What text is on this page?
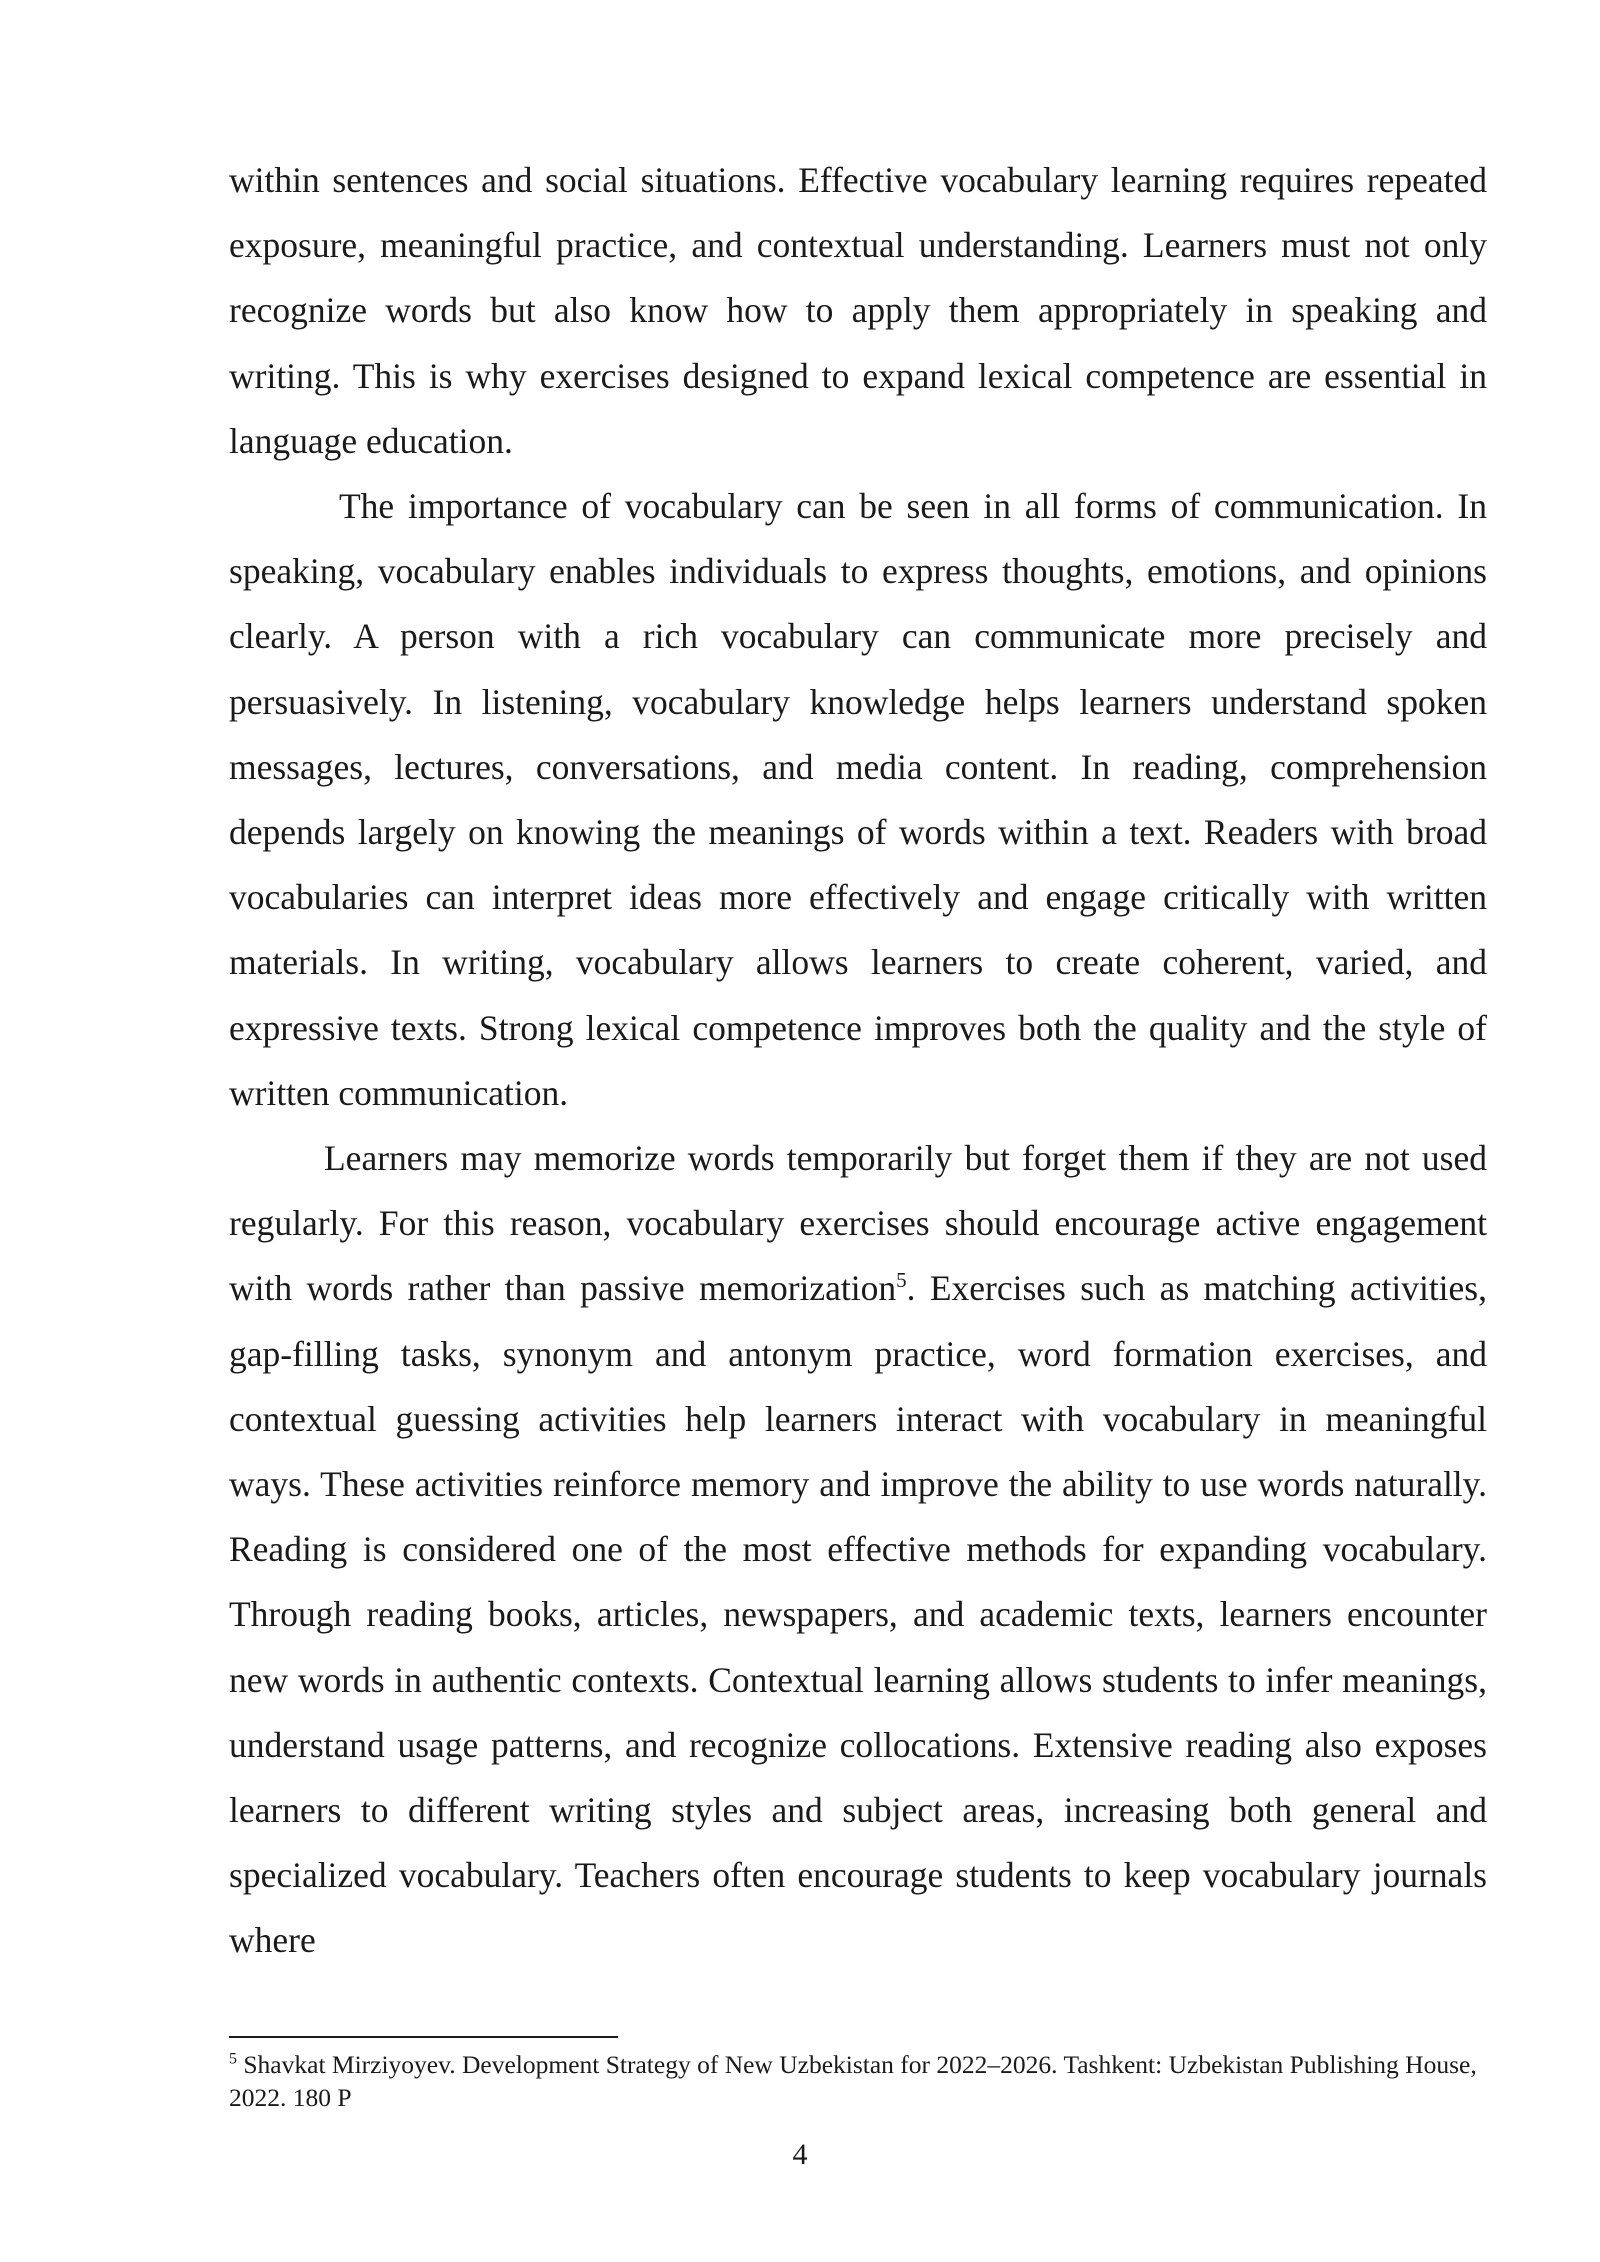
within sentences and social situations. Effective vocabulary learning requires repeated exposure, meaningful practice, and contextual understanding. Learners must not only recognize words but also know how to apply them appropriately in speaking and writing. This is why exercises designed to expand lexical competence are essential in language education.

The importance of vocabulary can be seen in all forms of communication. In speaking, vocabulary enables individuals to express thoughts, emotions, and opinions clearly. A person with a rich vocabulary can communicate more precisely and persuasively. In listening, vocabulary knowledge helps learners understand spoken messages, lectures, conversations, and media content. In reading, comprehension depends largely on knowing the meanings of words within a text. Readers with broad vocabularies can interpret ideas more effectively and engage critically with written materials. In writing, vocabulary allows learners to create coherent, varied, and expressive texts. Strong lexical competence improves both the quality and the style of written communication.

Learners may memorize words temporarily but forget them if they are not used regularly. For this reason, vocabulary exercises should encourage active engagement with words rather than passive memorization$^5$. Exercises such as matching activities, gap-filling tasks, synonym and antonym practice, word formation exercises, and contextual guessing activities help learners interact with vocabulary in meaningful ways. These activities reinforce memory and improve the ability to use words naturally. Reading is considered one of the most effective methods for expanding vocabulary. Through reading books, articles, newspapers, and academic texts, learners encounter new words in authentic contexts. Contextual learning allows students to infer meanings, understand usage patterns, and recognize collocations. Extensive reading also exposes learners to different writing styles and subject areas, increasing both general and specialized vocabulary. Teachers often encourage students to keep vocabulary journals where

$^5$ Shavkat Mirziyoyev. Development Strategy of New Uzbekistan for 2022–2026. Tashkent: Uzbekistan Publishing House, 2022. 180 P
4
